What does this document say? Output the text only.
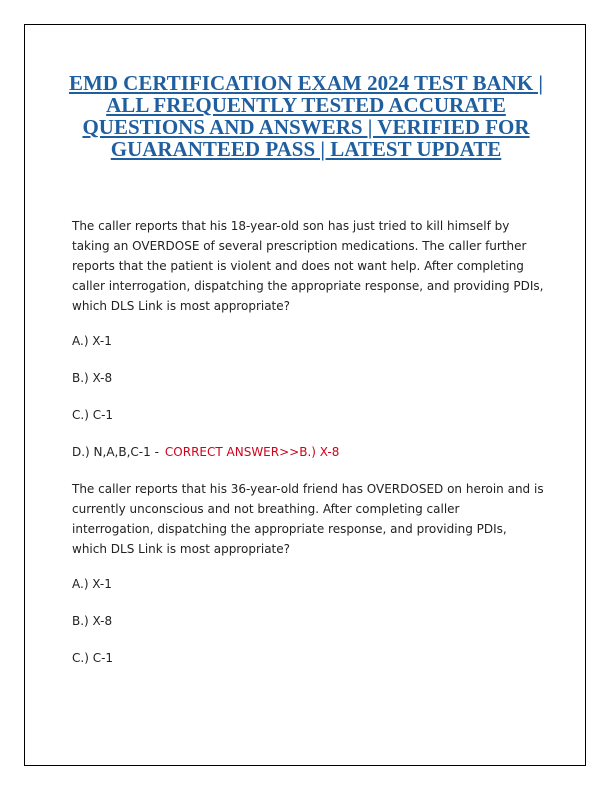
EMD CERTIFICATION EXAM 2024 TEST BANK | ALL FREQUENTLY TESTED ACCURATE QUESTIONS AND ANSWERS | VERIFIED FOR GUARANTEED PASS | LATEST UPDATE

The caller reports that his 18-year-old son has just tried to kill himself by taking an OVERDOSE of several prescription medications. The caller further reports that the patient is violent and does not want help. After completing caller interrogation, dispatching the appropriate response, and providing PDIs, which DLS Link is most appropriate?

A.) X-1

B.) X-8

C.) C-1

D.) N,A,B,C-1 - CORRECT ANSWER>>B.) X-8

The caller reports that his 36-year-old friend has OVERDOSED on heroin and is currently unconscious and not breathing. After completing caller interrogation, dispatching the appropriate response, and providing PDIs, which DLS Link is most appropriate?

A.) X-1

B.) X-8

C.) C-1
